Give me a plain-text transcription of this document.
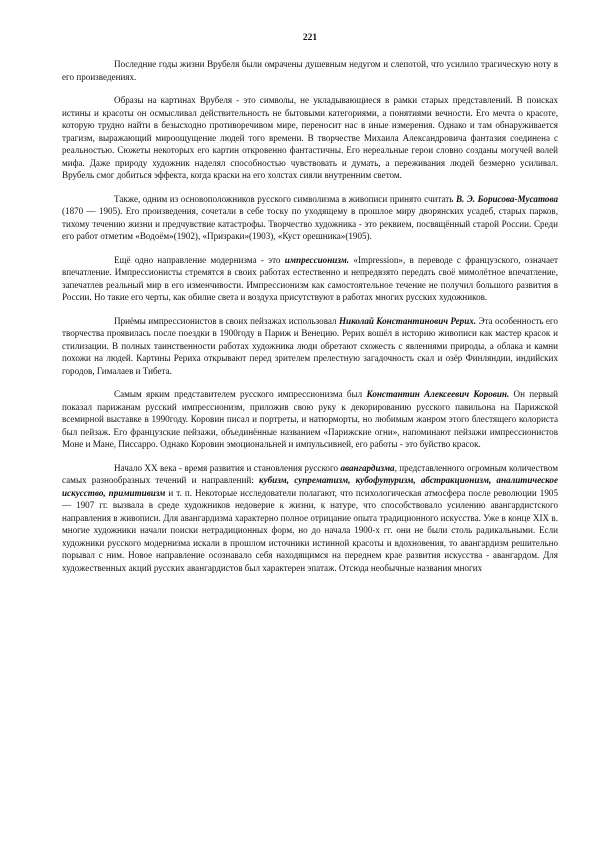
221

Последние годы жизни Врубеля были омрачены душевным недугом и слепотой, что усилило трагическую ноту в его произведениях.

Образы на картинах Врубеля - это символы, не укладывающиеся в рамки старых представлений. В поисках истины и красоты он осмысливал действительность не бытовыми категориями, а понятиями вечности. Его мечта о красоте, которую трудно найти в безысходно противоречивом мире, переносит нас в иные измерения. Однако и там обнаруживается трагизм, выражающий мироощущение людей того времени. В творчестве Михаила Александровича фантазия соединена с реальностью. Сюжеты некоторых его картин откровенно фантастичны. Его нереальные герои словно созданы могучей волей мифа. Даже природу художник наделял способностью чувствовать и думать, а переживания людей безмерно усиливал. Врубель смог добиться эффекта, когда краски на его холстах сияли внутренним светом.

Также, одним из основоположников русского символизма в живописи принято считать В. Э. Борисова-Мусатова (1870 — 1905). Его произведения, сочетали в себе тоску по уходящему в прошлое миру дворянских усадеб, старых парков, тихому течению жизни и предчувствие катастрофы. Творчество художника - это реквием, посвящённый старой России. Среди его работ отметим «Водоём»(1902), «Призраки»(1903), «Куст орешника»(1905).

Ещё одно направление модернизма - это импрессионизм. «Impression», в переводе с французского, означает впечатление. Импрессионисты стремятся в своих работах естественно и непредвзято передать своё мимолётное впечатление, запечатлев реальный мир в его изменчивости. Импрессионизм как самостоятельное течение не получил большого развития в России. Но такие его черты, как обилие света и воздуха присутствуют в работах многих русских художников.

Приёмы импрессионистов в своих пейзажах использовал Николай Константинович Рерих. Эта особенность его творчества проявилась после поездки в 1900году в Париж и Венецию. Рерих вошёл в историю живописи как мастер красок и стилизации. В полных таинственности работах художника люди обретают схожесть с явлениями природы, а облака и камни похожи на людей. Картины Рериха открывают перед зрителем прелестную загадочность скал и озёр Финляндии, индийских городов, Гималаев и Тибета.

Самым ярким представителем русского импрессионизма был Константин Алексеевич Коровин. Он первый показал парижанам русский импрессионизм, приложив свою руку к декорированию русского павильона на Парижской всемирной выставке в 1990году. Коровин писал и портреты, и натюрморты, но любимым жанром этого блестящего колориста был пейзаж. Его французские пейзажи, объединённые названием «Парижские огни», напоминают пейзажи импрессионистов Моне и Мане, Писсарро. Однако Коровин эмоциональней и импульсивней, его работы - это буйство красок.

Начало XX века - время развития и становления русского авангардизма, представленного огромным количеством самых разнообразных течений и направлений: кубизм, супрематизм, кубофутуризм, абстракционизм, аналитическое искусство, примитивизм и т. п. Некоторые исследователи полагают, что психологическая атмосфера после революции 1905 — 1907 гг. вызвала в среде художников недоверие к жизни, к натуре, что способствовало усилению авангардистского направления в живописи. Для авангардизма характерно полное отрицание опыта традиционного искусства. Уже в конце XIX в. многие художники начали поиски нетрадиционных форм, но до начала 1900-х гг. они не были столь радикальными. Если художники русского модернизма искали в прошлом источники истинной красоты и вдохновения, то авангардизм решительно порывал с ним. Новое направление осознавало себя находящимся на переднем крае развития искусства - авангардом. Для художественных акций русских авангардистов был характерен эпатаж. Отсюда необычные названия многих
